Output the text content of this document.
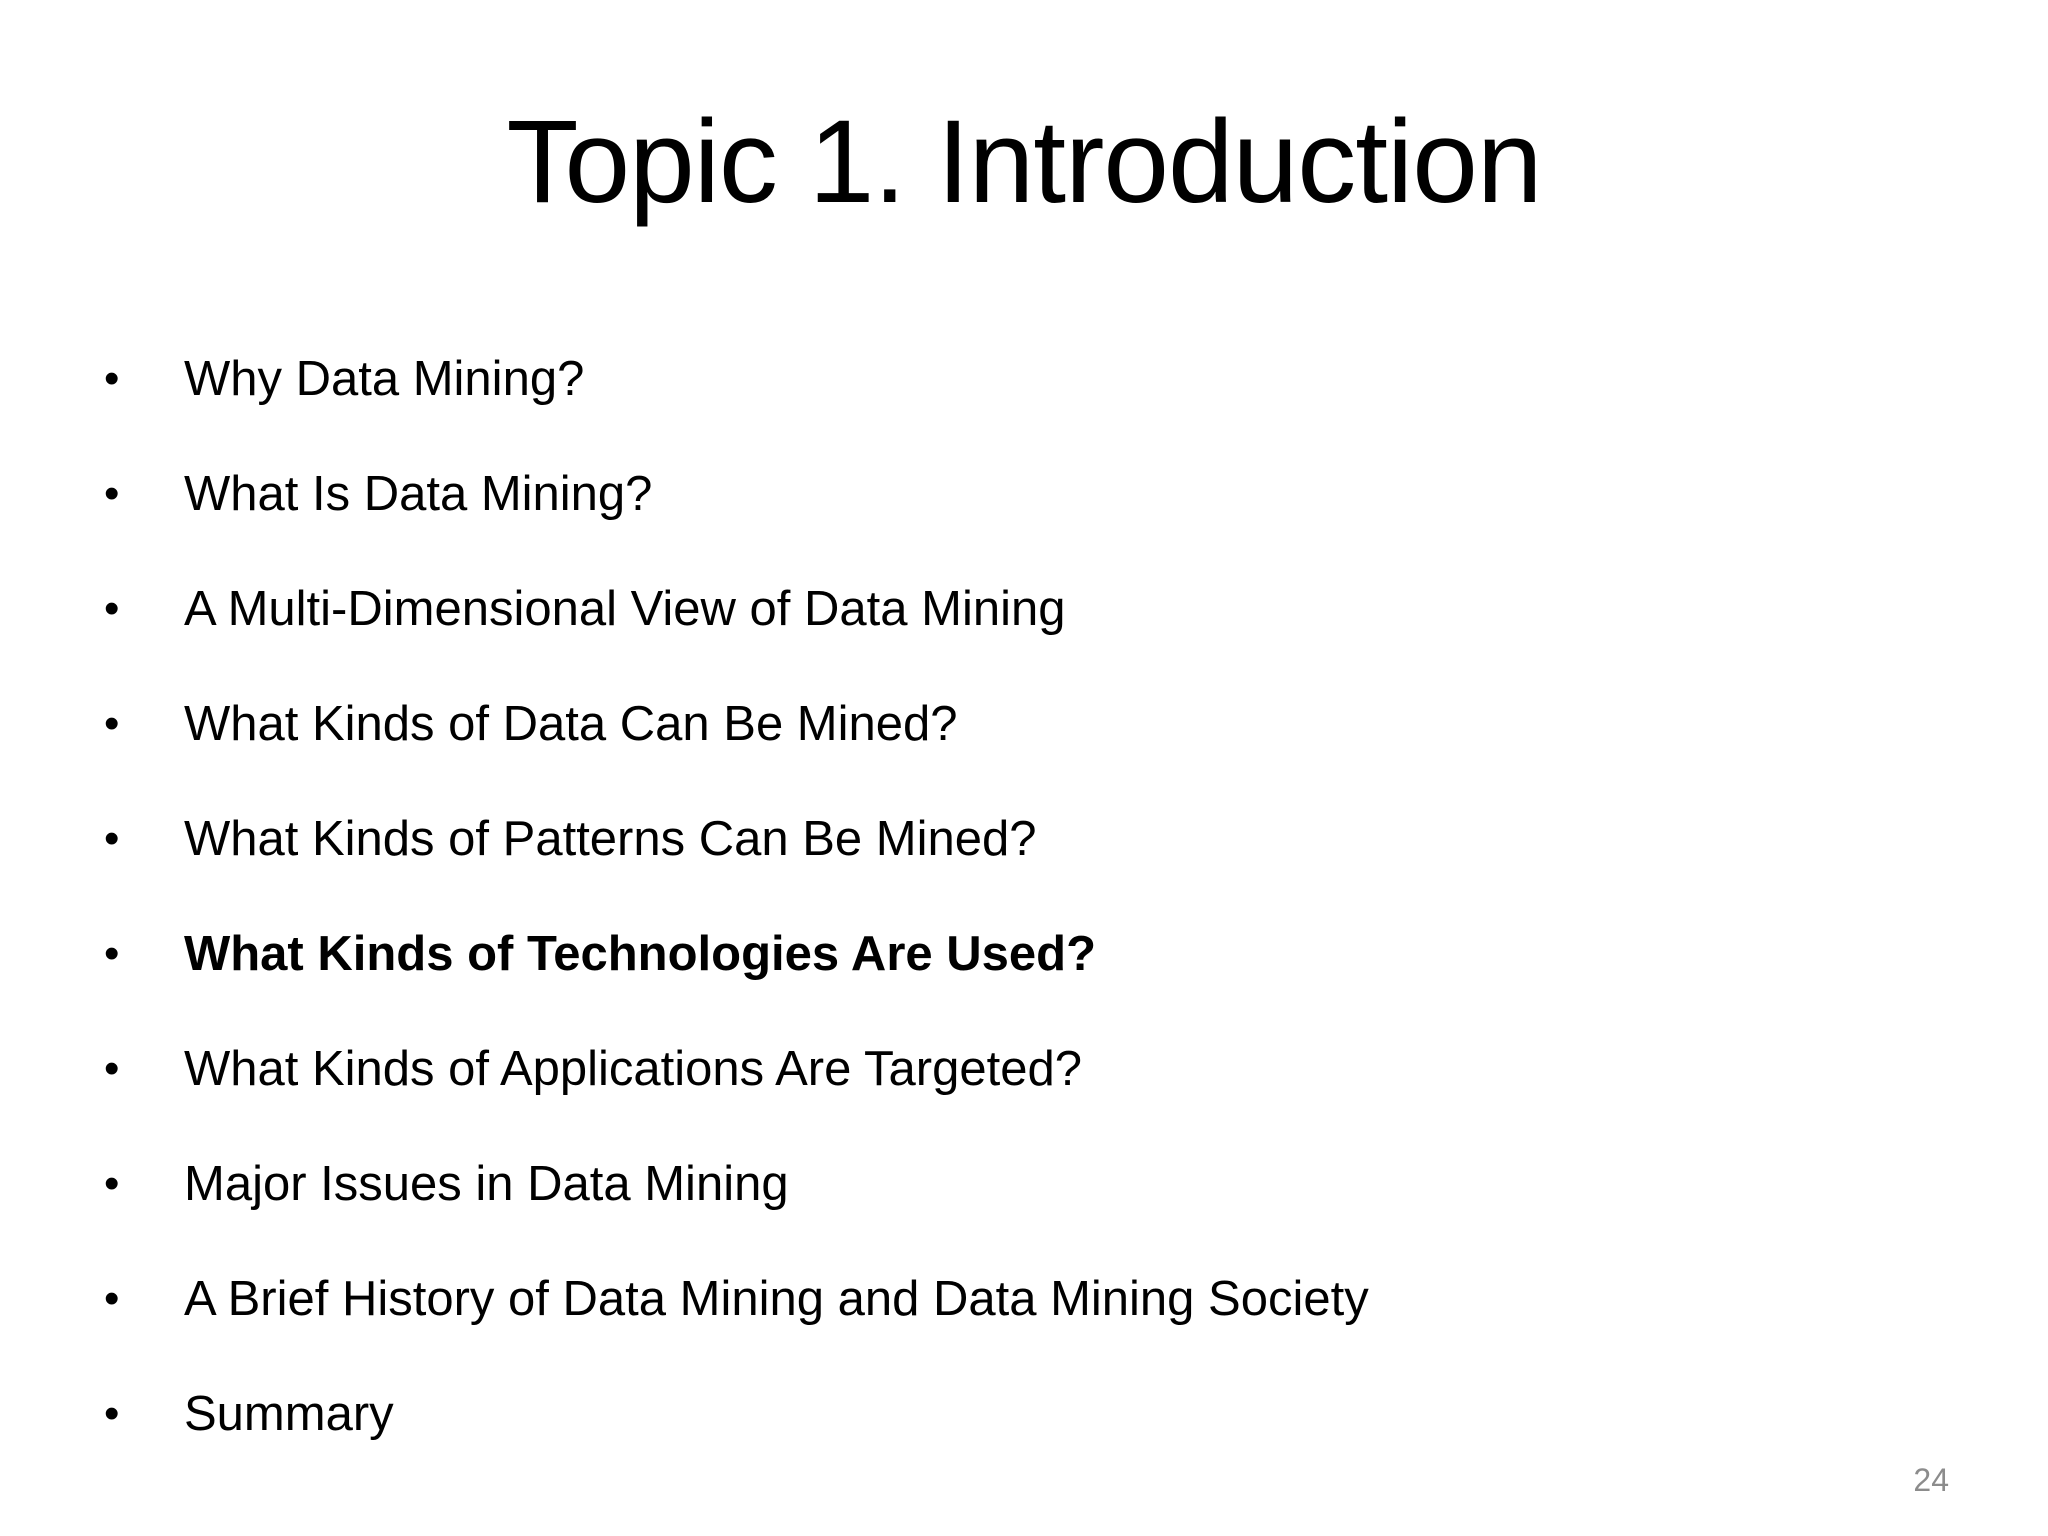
Topic 1. Introduction
• Why Data Mining?
• What Is Data Mining?
• A Multi-Dimensional View of Data Mining
• What Kinds of Data Can Be Mined?
• What Kinds of Patterns Can Be Mined?
• What Kinds of Technologies Are Used?
• What Kinds of Applications Are Targeted?
• Major Issues in Data Mining
• A Brief History of Data Mining and Data Mining Society
• Summary
24
